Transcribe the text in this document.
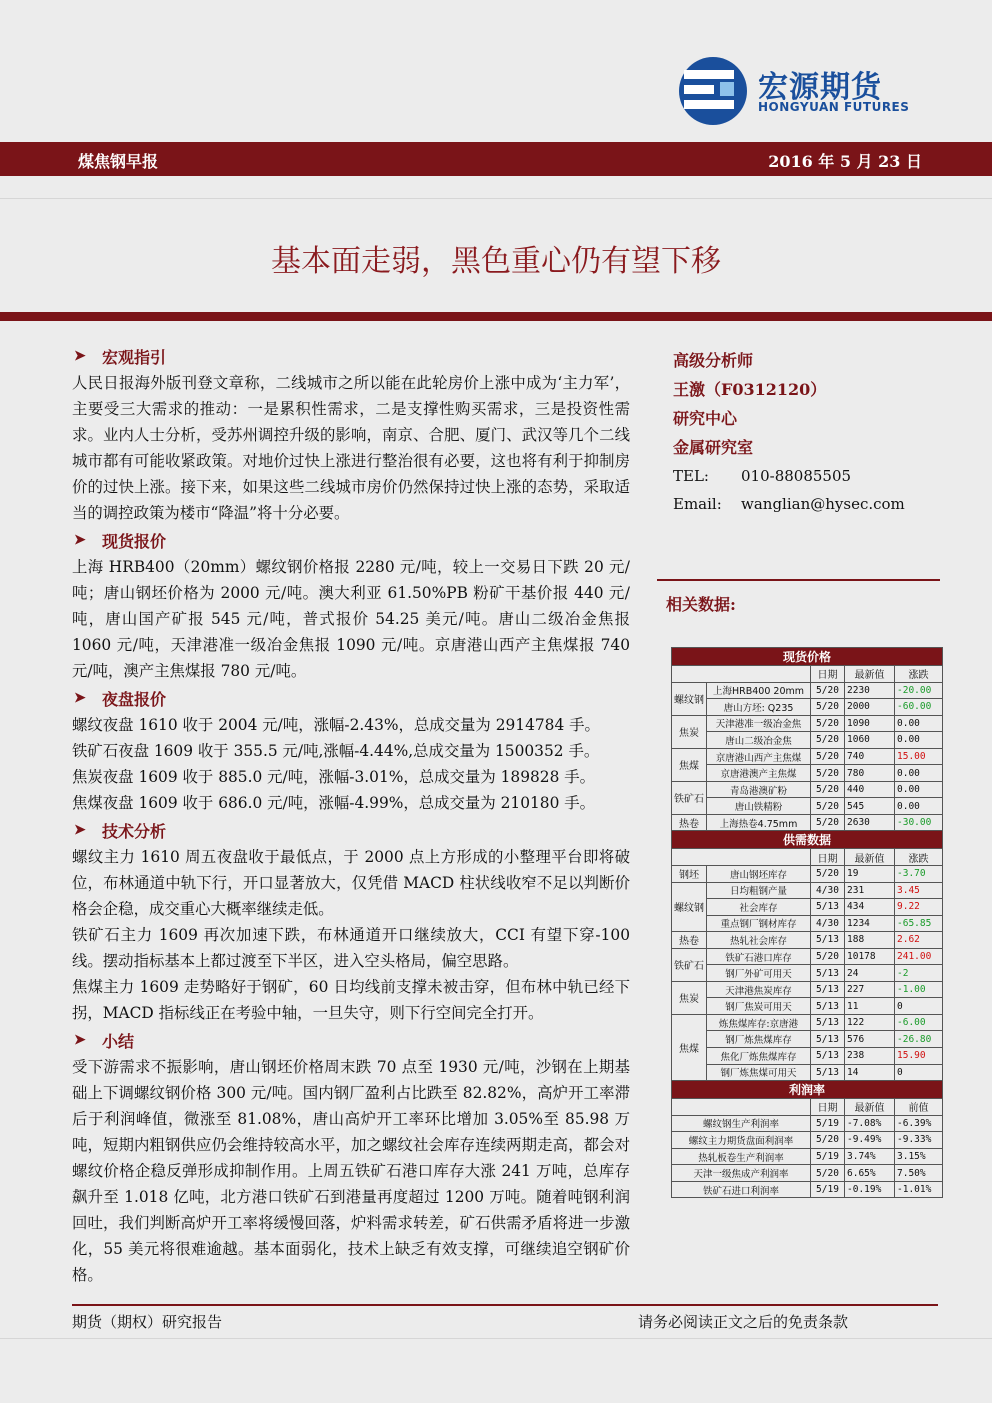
宏源期货
HONGYUAN FUTURES
煤焦钢早报	2016 年 5 月 23 日
基本面走弱，黑色重心仍有望下移
➤	宏观指引

人民日报海外版刊登文章称，二线城市之所以能在此轮房价上涨中成为‘主力军’，主要受三大需求的推动：一是累积性需求，二是支撑性购买需求，三是投资性需求。业内人士分析，受苏州调控升级的影响，南京、合肥、厦门、武汉等几个二线城市都有可能收紧政策。对地价过快上涨进行整治很有必要，这也将有利于抑制房价的过快上涨。接下来，如果这些二线城市房价仍然保持过快上涨的态势，采取适当的调控政策为楼市“降温”将十分必要。

➤	现货报价

上海 HRB400（20mm）螺纹钢价格报 2280 元/吨，较上一交易日下跌 20 元/吨；唐山钢坯价格为 2000 元/吨。澳大利亚 61.50%PB 粉矿干基价报 440 元/吨，唐山国产矿报 545 元/吨，普式报价 54.25 美元/吨。唐山二级冶金焦报 1060 元/吨，天津港准一级冶金焦报 1090 元/吨。京唐港山西产主焦煤报 740 元/吨，澳产主焦煤报 780 元/吨。

➤	夜盘报价

螺纹夜盘 1610 收于 2004 元/吨，涨幅-2.43%，总成交量为 2914784 手。

铁矿石夜盘 1609 收于 355.5 元/吨,涨幅-4.44%,总成交量为 1500352 手。

焦炭夜盘 1609 收于 885.0 元/吨，涨幅-3.01%，总成交量为 189828 手。

焦煤夜盘 1609 收于 686.0 元/吨，涨幅-4.99%，总成交量为 210180 手。

➤	技术分析

螺纹主力 1610 周五夜盘收于最低点，于 2000 点上方形成的小整理平台即将破位，布林通道中轨下行，开口显著放大，仅凭借 MACD 柱状线收窄不足以判断价格会企稳，成交重心大概率继续走低。

铁矿石主力 1609 再次加速下跌，布林通道开口继续放大，CCI 有望下穿-100 线。摆动指标基本上都过渡至下半区，进入空头格局，偏空思路。

焦煤主力 1609 走势略好于钢矿，60 日均线前支撑未被击穿，但布林中轨已经下拐，MACD 指标线正在考验中轴，一旦失守，则下行空间完全打开。

➤	小结

受下游需求不振影响，唐山钢坯价格周末跌 70 点至 1930 元/吨，沙钢在上期基础上下调螺纹钢价格 300 元/吨。国内钢厂盈利占比跌至 82.82%，高炉开工率滞后于利润峰值，微涨至 81.08%，唐山高炉开工率环比增加 3.05%至 85.98 万吨，短期内粗钢供应仍会维持较高水平，加之螺纹社会库存连续两期走高，都会对螺纹价格企稳反弹形成抑制作用。上周五铁矿石港口库存大涨 241 万吨，总库存飙升至 1.018 亿吨，北方港口铁矿石到港量再度超过 1200 万吨。随着吨钢利润回吐，我们判断高炉开工率将缓慢回落，炉料需求转差，矿石供需矛盾将进一步激化，55 美元将很难逾越。基本面弱化，技术上缺乏有效支撑，可继续追空钢矿价格。

高级分析师
王激（F0312120）
研究中心
金属研究室
TEL:	010-88085505
Email:	wanglian@hysec.com
相关数据:
现货价格				
		日期	最新值	涨跌
螺纹钢	上海HRB400 20mm	5/20	2230	-20.00
	唐山方坯: Q235	5/20	2000	-60.00
焦炭	天津港准一级冶金焦	5/20	1090	0.00
	唐山二级冶金焦	5/20	1060	0.00
焦煤	京唐港山西产主焦煤	5/20	740	15.00
	京唐港澳产主焦煤	5/20	780	0.00
铁矿石	青岛港澳矿粉	5/20	440	0.00
	唐山铁精粉	5/20	545	0.00
热卷	上海热卷4.75mm	5/20	2630	-30.00
供需数据				
		日期	最新值	涨跌
钢坯	唐山钢坯库存	5/20	19	-3.70
螺纹钢	日均粗钢产量	4/30	231	3.45
	社会库存	5/13	434	9.22
	重点钢厂钢材库存	4/30	1234	-65.85
热卷	热轧社会库存	5/13	188	2.62
铁矿石	铁矿石港口库存	5/20	10178	241.00
	钢厂外矿可用天	5/13	24	-2
焦炭	天津港焦炭库存	5/13	227	-1.00
	钢厂焦炭可用天	5/13	11	0
焦煤	炼焦煤库存:京唐港	5/13	122	-6.00
	钢厂炼焦煤库存	5/13	576	-26.80
	焦化厂炼焦煤库存	5/13	238	15.90
	钢厂炼焦煤可用天	5/13	14	0
利润率				
		日期	最新值	前值
螺纹钢生产利润率		5/19	-7.08%	-6.39%
螺纹主力期货盘面利润率		5/20	-9.49%	-9.33%
热轧板卷生产利润率		5/19	3.74%	3.15%
天津一级焦成产利润率		5/20	6.65%	7.50%
铁矿石进口利润率		5/19	-0.19%	-1.01%
期货（期权）研究报告	请务必阅读正文之后的免责条款
